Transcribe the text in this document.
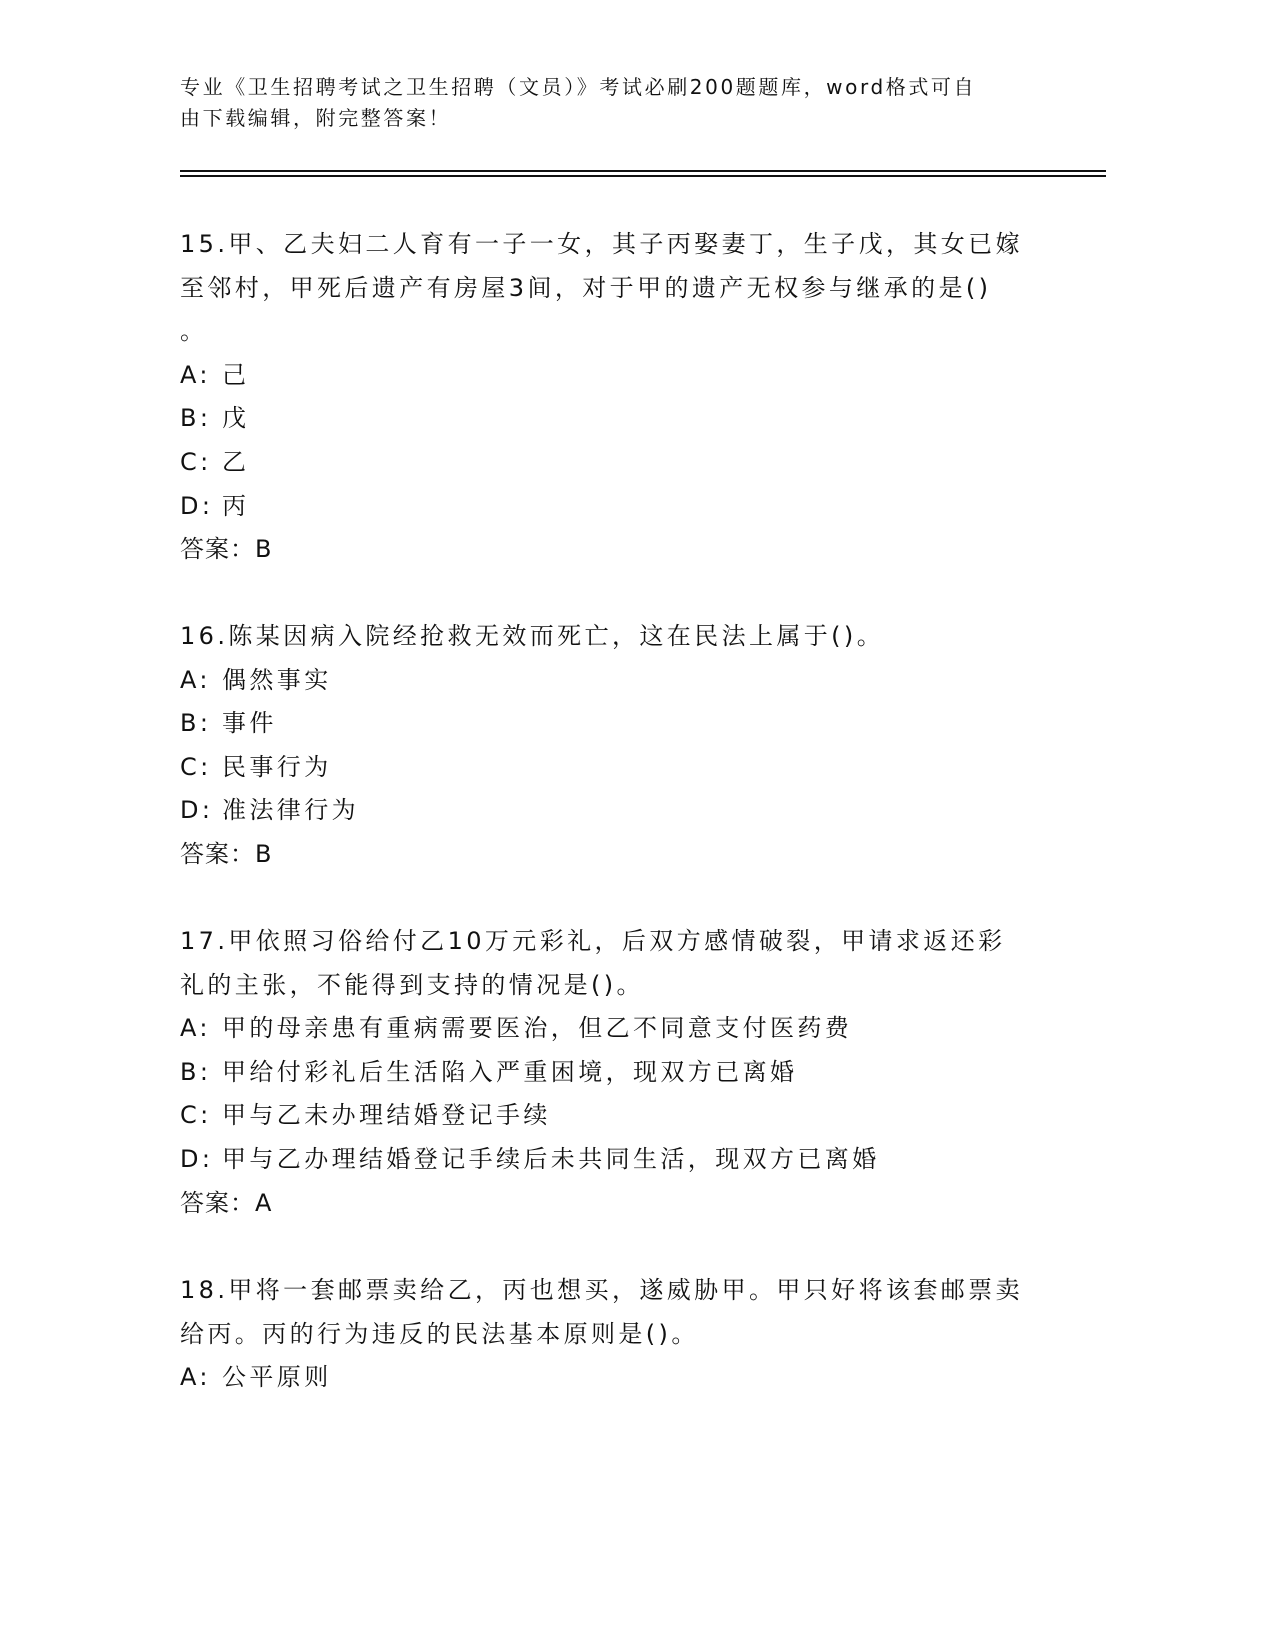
专业《卫生招聘考试之卫生招聘（文员）》考试必刷200题题库，word格式可自
由下载编辑，附完整答案！
15.甲、乙夫妇二人育有一子一女，其子丙娶妻丁，生子戊，其女已嫁
至邻村，甲死后遗产有房屋3间，对于甲的遗产无权参与继承的是()
。
A: 己
B: 戊
C: 乙
D: 丙
答案：B
16.陈某因病入院经抢救无效而死亡，这在民法上属于()。
A: 偶然事实
B: 事件
C: 民事行为
D: 准法律行为
答案：B
17.甲依照习俗给付乙10万元彩礼，后双方感情破裂，甲请求返还彩
礼的主张，不能得到支持的情况是()。
A: 甲的母亲患有重病需要医治，但乙不同意支付医药费
B: 甲给付彩礼后生活陷入严重困境，现双方已离婚
C: 甲与乙未办理结婚登记手续
D: 甲与乙办理结婚登记手续后未共同生活，现双方已离婚
答案：A
18.甲将一套邮票卖给乙，丙也想买，遂威胁甲。甲只好将该套邮票卖
给丙。丙的行为违反的民法基本原则是()。
A: 公平原则
